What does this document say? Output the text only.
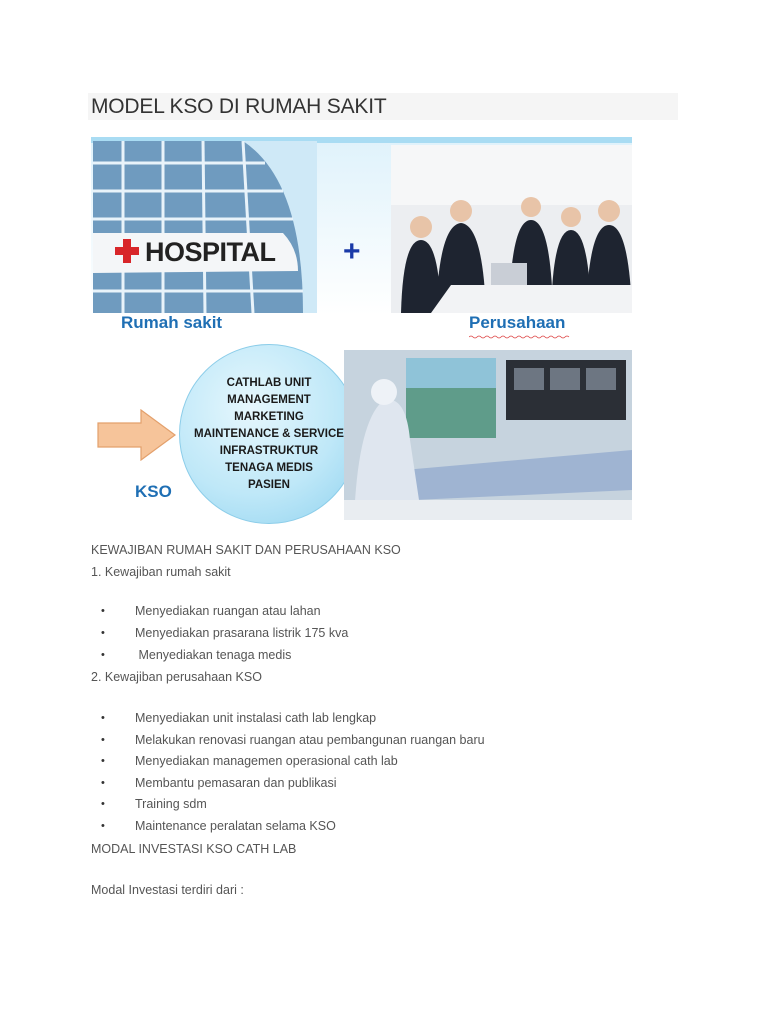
MODEL KSO DI RUMAH SAKIT
HOSPITAL +
Rumah sakit	Perusahaan
KSO
CATHLAB UNIT
MANAGEMENT
MARKETING
MAINTENANCE & SERVICE
INFRASTRUKTUR
TENAGA MEDIS
PASIEN
KEWAJIBAN RUMAH SAKIT DAN PERUSAHAAN KSO
1. Kewajiban rumah sakit
• Menyediakan ruangan atau lahan
• Menyediakan prasarana listrik 175 kva
• Menyediakan tenaga medis
2. Kewajiban perusahaan KSO
• Menyediakan unit instalasi cath lab lengkap
• Melakukan renovasi ruangan atau pembangunan ruangan baru
• Menyediakan managemen operasional cath lab
• Membantu pemasaran dan publikasi
• Training sdm
• Maintenance peralatan selama KSO
MODAL INVESTASI KSO CATH LAB
Modal Investasi terdiri dari :
